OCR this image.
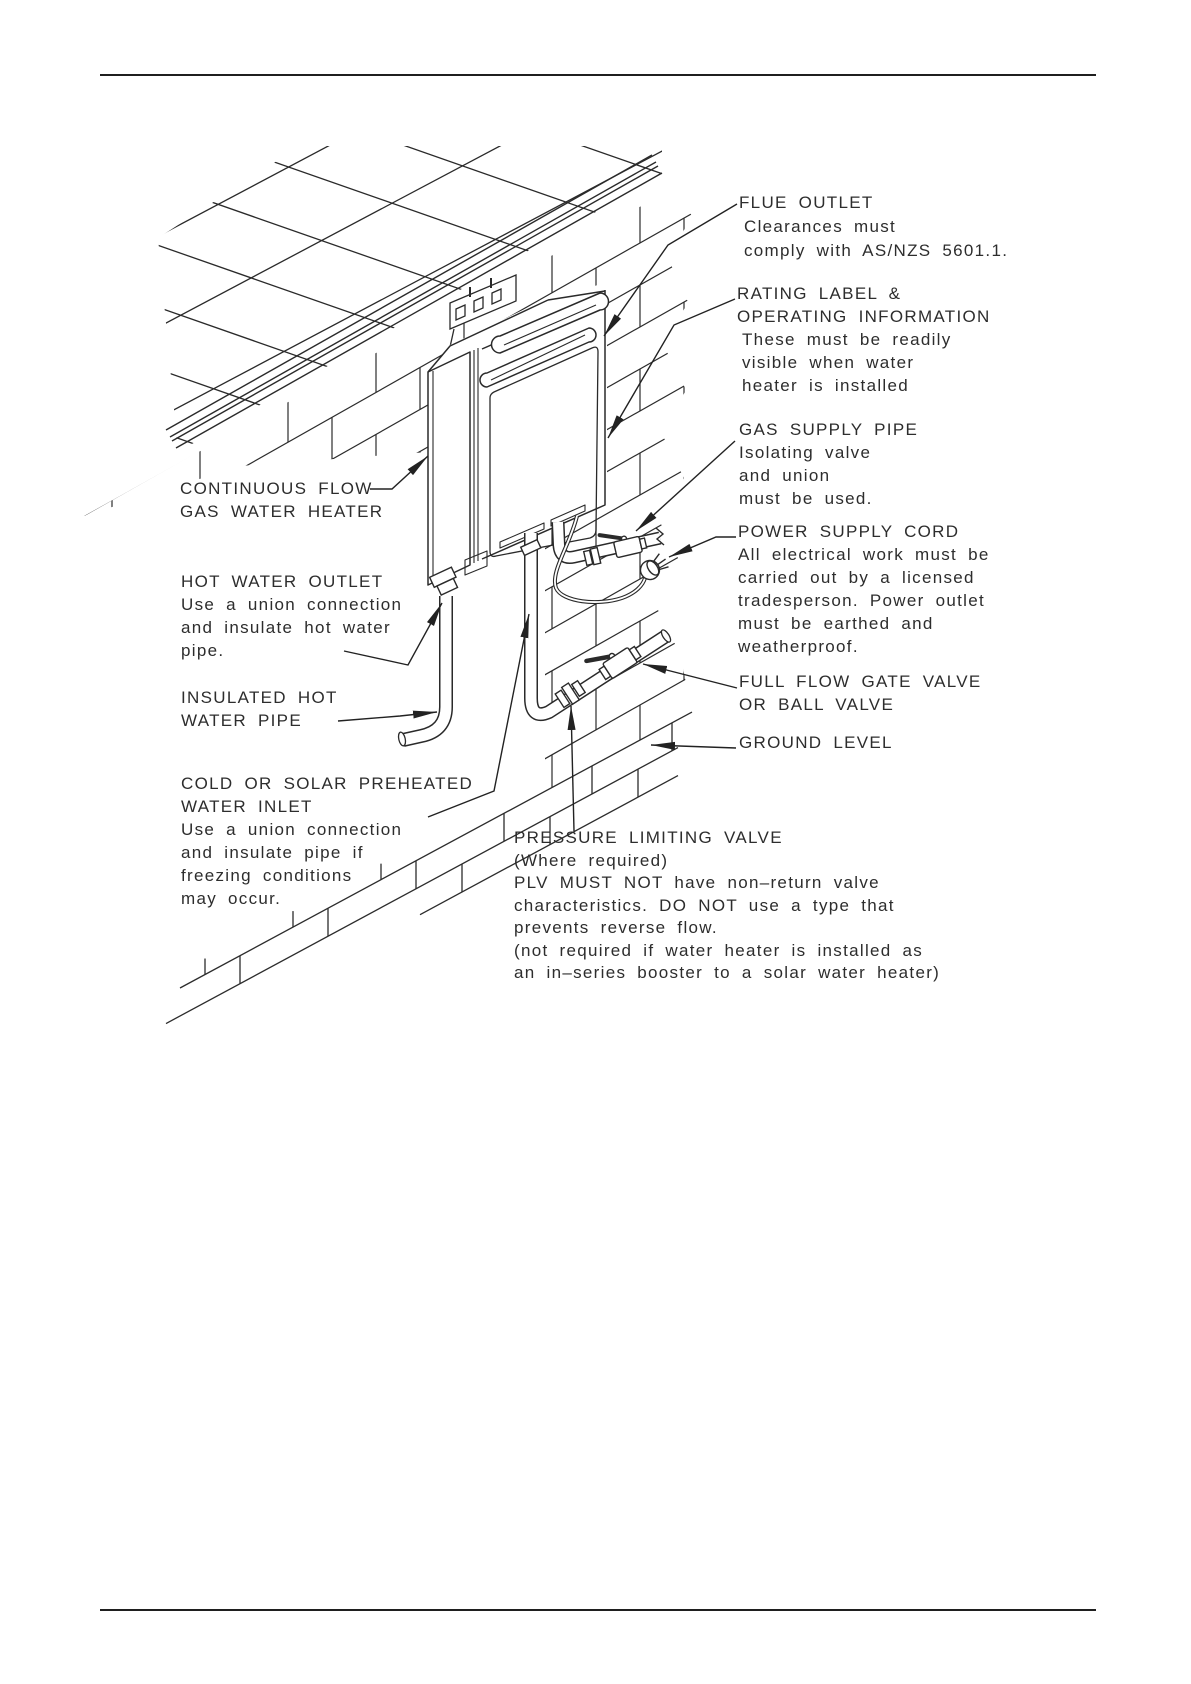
CONTINUOUS FLOW
GAS WATER HEATER
HOT WATER OUTLET
Use a union connection
and insulate hot water
pipe.
INSULATED HOT
WATER PIPE
COLD OR SOLAR PREHEATED
WATER INLET
Use a union connection
and insulate pipe if
freezing conditions
may occur.
FLUE OUTLET
Clearances must
comply with AS/NZS 5601.1.
RATING LABEL &
OPERATING INFORMATION
These must be readily
visible when water
heater is installed
GAS SUPPLY PIPE
Isolating valve
and union
must be used.
POWER SUPPLY CORD
All electrical work must be
carried out by a licensed
tradesperson. Power outlet
must be earthed and
weatherproof.
FULL FLOW GATE VALVE
OR BALL VALVE
GROUND LEVEL
PRESSURE LIMITING VALVE
(Where required)
PLV MUST NOT have non–return valve
characteristics. DO NOT use a type that
prevents reverse flow.
(not required if water heater is installed as
an in–series booster to a solar water heater)
